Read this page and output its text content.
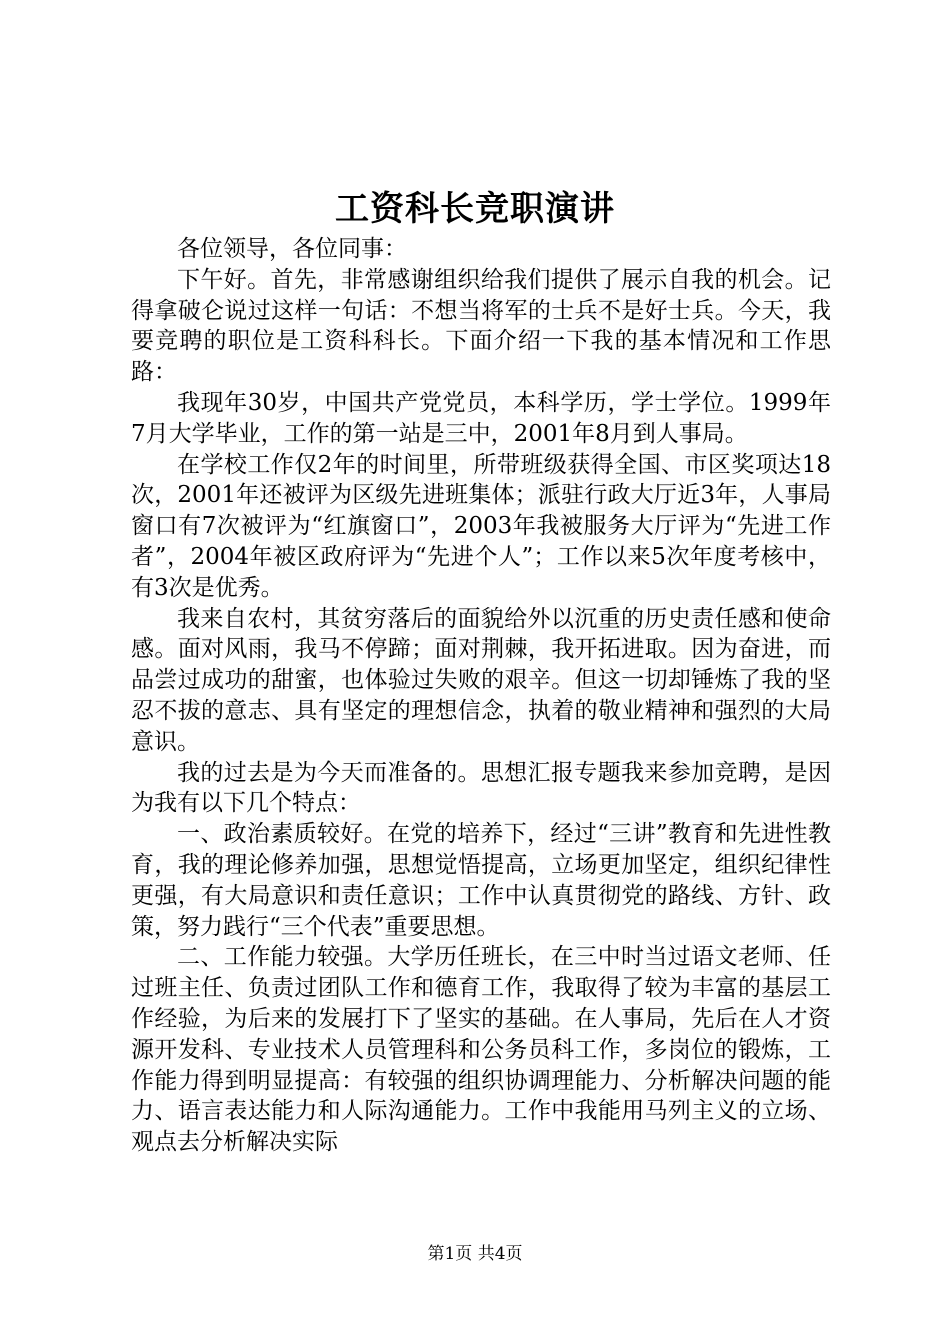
工资科长竞职演讲

各位领导，各位同事：

下午好。首先，非常感谢组织给我们提供了展示自我的机会。记得拿破仑说过这样一句话：不想当将军的士兵不是好士兵。今天，我要竞聘的职位是工资科科长。下面介绍一下我的基本情况和工作思路：

我现年30岁，中国共产党党员，本科学历，学士学位。1999年7月大学毕业，工作的第一站是三中，2001年8月到人事局。

在学校工作仅2年的时间里，所带班级获得全国、市区奖项达18次，2001年还被评为区级先进班集体；派驻行政大厅近3年，人事局窗口有7次被评为“红旗窗口”，2003年我被服务大厅评为“先进工作者”，2004年被区政府评为“先进个人”；工作以来5次年度考核中，有3次是优秀。

我来自农村，其贫穷落后的面貌给外以沉重的历史责任感和使命感。面对风雨，我马不停蹄；面对荆棘，我开拓进取。因为奋进，而品尝过成功的甜蜜，也体验过失败的艰辛。但这一切却锤炼了我的坚忍不拔的意志、具有坚定的理想信念，执着的敬业精神和强烈的大局意识。

我的过去是为今天而准备的。思想汇报专题我来参加竞聘，是因为我有以下几个特点：

一、政治素质较好。在党的培养下，经过“三讲”教育和先进性教育，我的理论修养加强，思想觉悟提高，立场更加坚定，组织纪律性更强，有大局意识和责任意识；工作中认真贯彻党的路线、方针、政策，努力践行“三个代表”重要思想。

二、工作能力较强。大学历任班长，在三中时当过语文老师、任过班主任、负责过团队工作和德育工作，我取得了较为丰富的基层工作经验，为后来的发展打下了坚实的基础。在人事局，先后在人才资源开发科、专业技术人员管理科和公务员科工作，多岗位的锻炼，工作能力得到明显提高：有较强的组织协调理能力、分析解决问题的能力、语言表达能力和人际沟通能力。工作中我能用马列主义的立场、观点去分析解决实际

第1页 共4页
